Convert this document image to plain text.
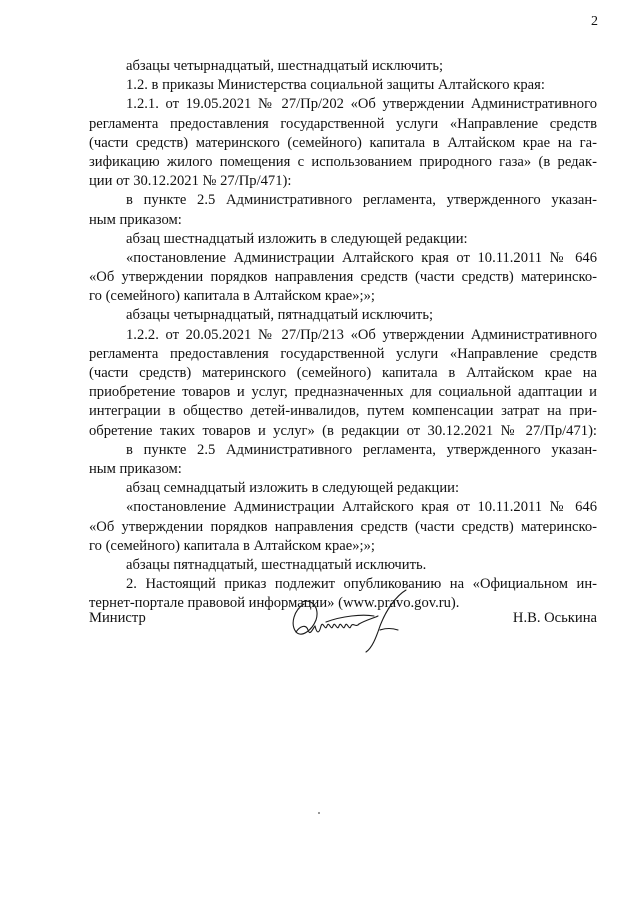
2
абзацы четырнадцатый, шестнадцатый исключить;
1.2. в приказы Министерства социальной защиты Алтайского края:
1.2.1. от 19.05.2021 № 27/Пр/202 «Об утверждении Административного
регламента предоставления государственной услуги «Направление средств
(части средств) материнского (семейного) капитала в Алтайском крае на га-
зификацию жилого помещения с использованием природного газа» (в редак-
ции от 30.12.2021 № 27/Пр/471):
в пункте 2.5 Административного регламента, утвержденного указан-
ным приказом:
абзац шестнадцатый изложить в следующей редакции:
«постановление Администрации Алтайского края от 10.11.2011 № 646
«Об утверждении порядков направления средств (части средств) материнско-
го (семейного) капитала в Алтайском крае»;»;
абзацы четырнадцатый, пятнадцатый исключить;
1.2.2. от 20.05.2021 № 27/Пр/213 «Об утверждении Административного
регламента предоставления государственной услуги «Направление средств
(части средств) материнского (семейного) капитала в Алтайском крае на
приобретение товаров и услуг, предназначенных для социальной адаптации и
интеграции в общество детей-инвалидов, путем компенсации затрат на при-
обретение таких товаров и услуг» (в редакции от 30.12.2021 № 27/Пр/471):
в пункте 2.5 Административного регламента, утвержденного указан-
ным приказом:
абзац семнадцатый изложить в следующей редакции:
«постановление Администрации Алтайского края от 10.11.2011 № 646
«Об утверждении порядков направления средств (части средств) материнско-
го (семейного) капитала в Алтайском крае»;»;
абзацы пятнадцатый, шестнадцатый исключить.
2. Настоящий приказ подлежит опубликованию на «Официальном ин-
тернет-портале правовой информации» (www.pravo.gov.ru).
Министр	Н.В. Оськина
